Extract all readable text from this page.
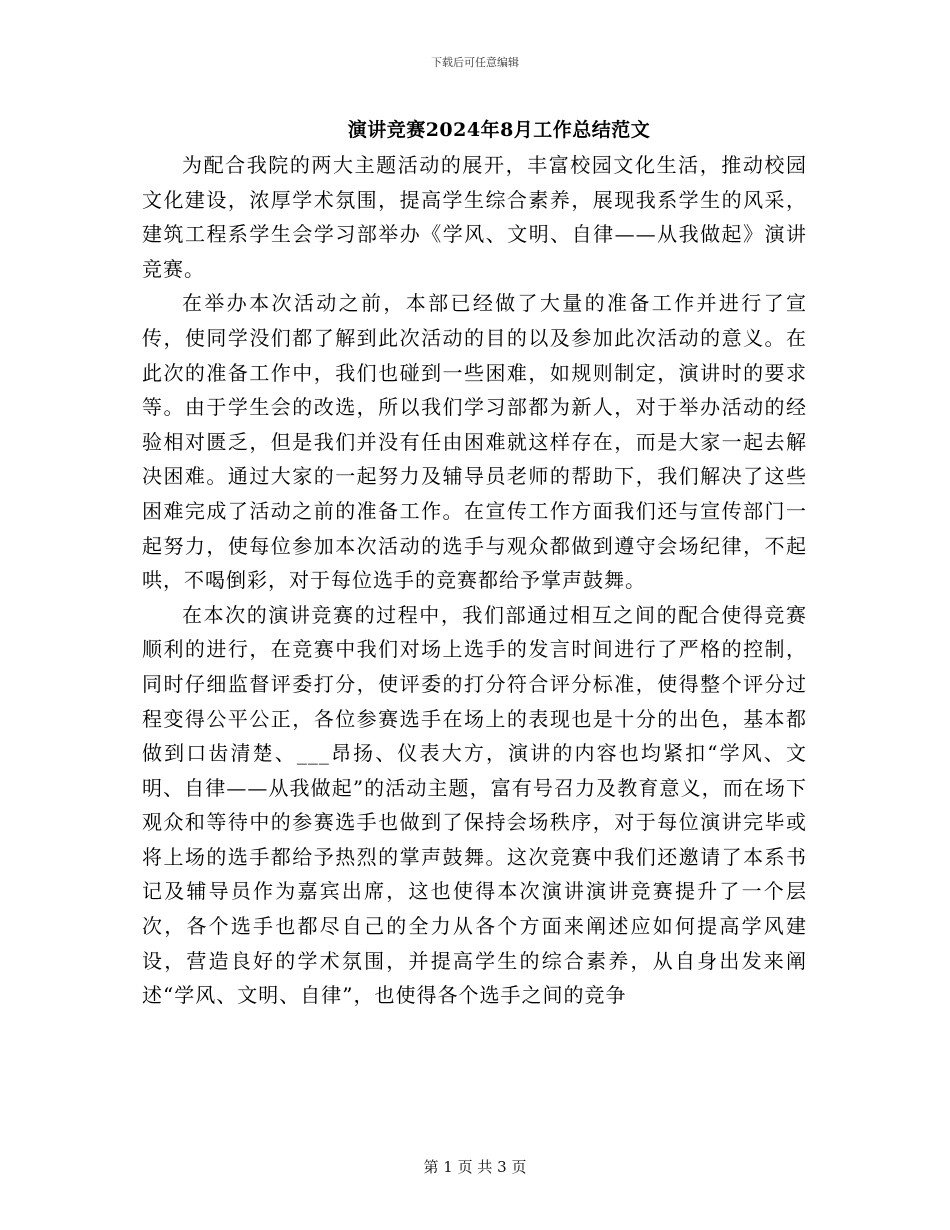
下载后可任意编辑
演讲竞赛2024年8月工作总结范文

为配合我院的两大主题活动的展开，丰富校园文化生活，推动校园文化建设，浓厚学术氛围，提高学生综合素养，展现我系学生的风采，建筑工程系学生会学习部举办《学风、文明、自律——从我做起》演讲竞赛。

在举办本次活动之前，本部已经做了大量的准备工作并进行了宣传，使同学没们都了解到此次活动的目的以及参加此次活动的意义。在此次的准备工作中，我们也碰到一些困难，如规则制定，演讲时的要求等。由于学生会的改选，所以我们学习部都为新人，对于举办活动的经验相对匮乏，但是我们并没有任由困难就这样存在，而是大家一起去解决困难。通过大家的一起努力及辅导员老师的帮助下，我们解决了这些困难完成了活动之前的准备工作。在宣传工作方面我们还与宣传部门一起努力，使每位参加本次活动的选手与观众都做到遵守会场纪律，不起哄，不喝倒彩，对于每位选手的竞赛都给予掌声鼓舞。

在本次的演讲竞赛的过程中，我们部通过相互之间的配合使得竞赛顺利的进行，在竞赛中我们对场上选手的发言时间进行了严格的控制，同时仔细监督评委打分，使评委的打分符合评分标准，使得整个评分过程变得公平公正，各位参赛选手在场上的表现也是十分的出色，基本都做到口齿清楚、___昂扬、仪表大方，演讲的内容也均紧扣“学风、文明、自律——从我做起”的活动主题，富有号召力及教育意义，而在场下观众和等待中的参赛选手也做到了保持会场秩序，对于每位演讲完毕或将上场的选手都给予热烈的掌声鼓舞。这次竞赛中我们还邀请了本系书记及辅导员作为嘉宾出席，这也使得本次演讲演讲竞赛提升了一个层次，各个选手也都尽自己的全力从各个方面来阐述应如何提高学风建设，营造良好的学术氛围，并提高学生的综合素养，从自身出发来阐述“学风、文明、自律”，也使得各个选手之间的竞争

第 1 页 共 3 页
